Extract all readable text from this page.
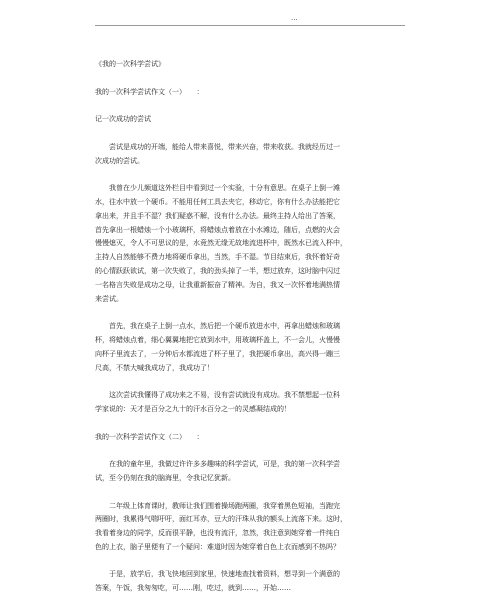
...

《我的一次科学尝试》

我的一次科学尝试作文（一）　　：

记一次成功的尝试

尝试是成功的开端，能给人带来喜悦，带来兴奋，带来收获。我就经历过一

次成功的尝试。

我曾在少儿频道这外栏目中看到过一个实验，十分有意思。在桌子上倒一滩

水，往水中放一个硬币。不能用任何工具去夹它，移动它，你有什么办法能把它

拿出来，并且手不湿？我们疑惑不解，没有什么办法。最终主持人给出了答案，

首先拿出一根蜡烛一个小玻璃杯，将蜡烛点着放在小水滩边，随后，点燃的火会

慢慢熄灭，令人不可思议的是，水竟然无缘无故地流进杯中，既然水已流入杯中，

主持人自然能够不费力地将硬币拿出，当然，手不湿。节目结束后，我怀着好奇

的心情跃跃欲试，第一次失败了，我的劲头掉了一半，想过放弃，这时脑中闪过

一名格言失败是成功之母，让我重新振奋了精神。为自，我又一次怀着地满热情

来尝试。

首先，我在桌子上倒一点水，然后把一个硬币放进水中，再拿出蜡烛和玻璃

杯，将蜡烛点着，细心翼翼地把它放到水中，用玻璃杯盖上，不一会儿，火慢慢

向杯子里流去了，一分钟后水都流进了杯子里了，我把硬币拿出，高兴得一蹦三

尺高，不禁大喊我成功了，我成功了！

这次尝试我懂得了成功来之不易，没有尝试就没有成功。我不禁想起一位科

学家说的：天才是百分之九十的汗水百分之一的灵感凝结成的！

我的一次科学尝试作文（二）　　：

在我的童年里，我做过许许多多趣味的科学尝试，可是，我的第一次科学尝

试，至今仍刻在我的脑海里，令我记忆犹新。

二年级上体育课时，教师让我们围着操场跑两圈，我穿着黑色短袖，当跑完

两圈时，我累得气喘吁吁，面红耳赤，豆大的汗珠从我的额头上流落下来。这时，

我看着身边的同学，反而很平静，也没有流汗，忽然，我注意到她穿着一件纯白

色的上衣，脑子里便有了一个疑问：难道时因为她穿着白色上衣而感到不热吗？

于是，放学后，我飞快地回到家里，快速地查找着资料，想寻到一个满意的

答案，午饭，我匆匆吃，可……刚，吃过，就到……，开始……
